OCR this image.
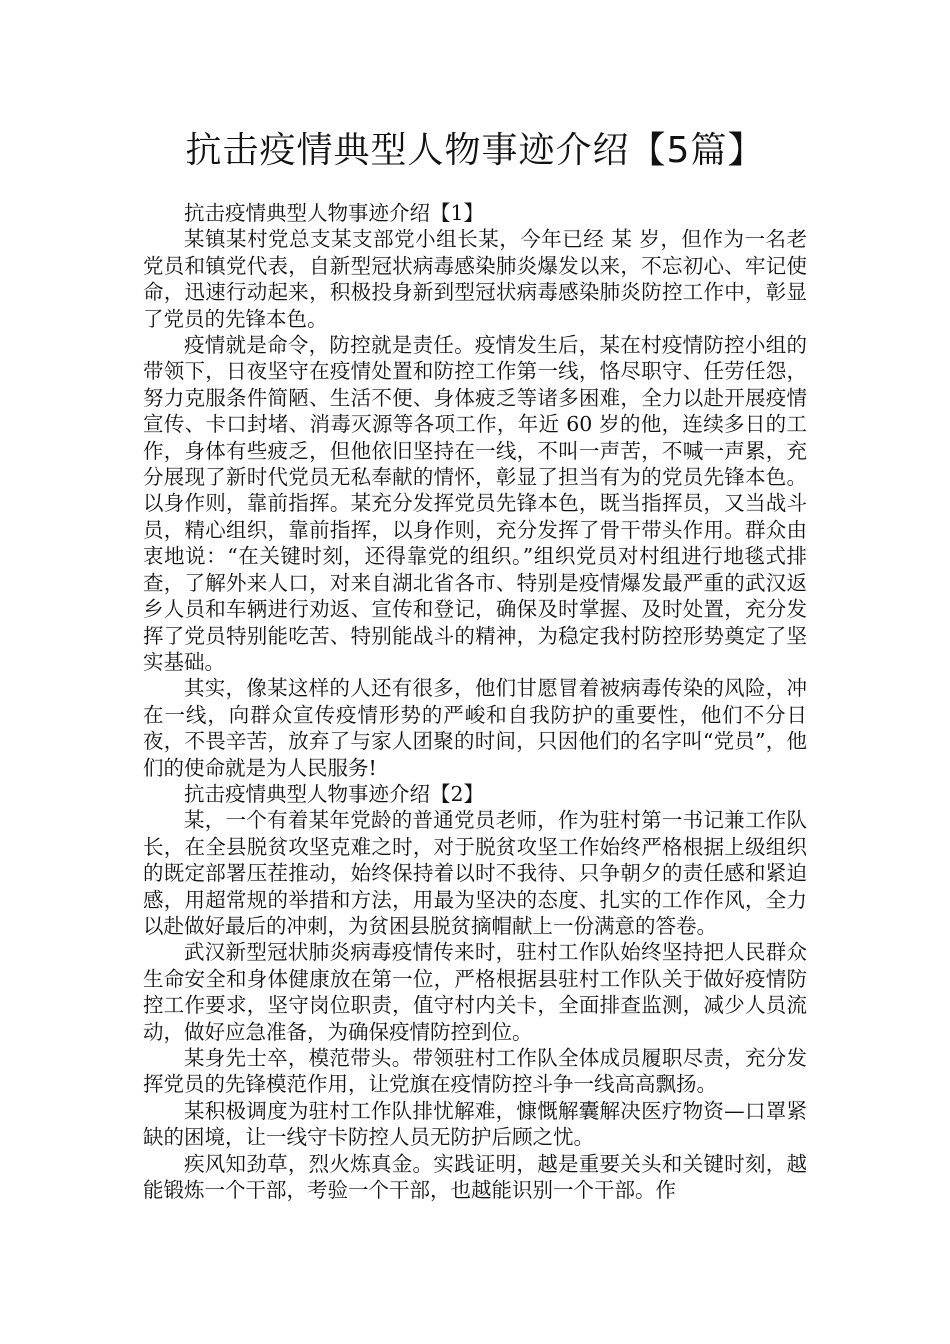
抗击疫情典型人物事迹介绍【5篇】
抗击疫情典型人物事迹介绍【1】

某镇某村党总支某支部党小组长某，今年已经 某 岁，但作为一名老党员和镇党代表，自新型冠状病毒感染肺炎爆发以来，不忘初心、牢记使命，迅速行动起来，积极投身新到型冠状病毒感染肺炎防控工作中，彰显了党员的先锋本色。

疫情就是命令，防控就是责任。疫情发生后，某在村疫情防控小组的带领下，日夜坚守在疫情处置和防控工作第一线，恪尽职守、任劳任怨，努力克服条件简陋、生活不便、身体疲乏等诸多困难，全力以赴开展疫情宣传、卡口封堵、消毒灭源等各项工作，年近 60 岁的他，连续多日的工作，身体有些疲乏，但他依旧坚持在一线，不叫一声苦，不喊一声累，充分展现了新时代党员无私奉献的情怀，彰显了担当有为的党员先锋本色。以身作则，靠前指挥。某充分发挥党员先锋本色，既当指挥员，又当战斗员，精心组织，靠前指挥，以身作则，充分发挥了骨干带头作用。群众由衷地说：“在关键时刻，还得靠党的组织。”组织党员对村组进行地毯式排查，了解外来人口，对来自湖北省各市、特别是疫情爆发最严重的武汉返乡人员和车辆进行劝返、宣传和登记，确保及时掌握、及时处置，充分发挥了党员特别能吃苦、特别能战斗的精神，为稳定我村防控形势奠定了坚实基础。

其实，像某这样的人还有很多，他们甘愿冒着被病毒传染的风险，冲在一线，向群众宣传疫情形势的严峻和自我防护的重要性，他们不分日夜，不畏辛苦，放弃了与家人团聚的时间，只因他们的名字叫“党员”，他们的使命就是为人民服务!

抗击疫情典型人物事迹介绍【2】

某，一个有着某年党龄的普通党员老师，作为驻村第一书记兼工作队长，在全县脱贫攻坚克难之时，对于脱贫攻坚工作始终严格根据上级组织的既定部署压茬推动，始终保持着以时不我待、只争朝夕的责任感和紧迫感，用超常规的举措和方法，用最为坚决的态度、扎实的工作作风，全力以赴做好最后的冲刺，为贫困县脱贫摘帽献上一份满意的答卷。

武汉新型冠状肺炎病毒疫情传来时，驻村工作队始终坚持把人民群众生命安全和身体健康放在第一位，严格根据县驻村工作队关于做好疫情防控工作要求，坚守岗位职责，值守村内关卡，全面排查监测，减少人员流动，做好应急准备，为确保疫情防控到位。

某身先士卒，模范带头。带领驻村工作队全体成员履职尽责，充分发挥党员的先锋模范作用，让党旗在疫情防控斗争一线高高飘扬。

某积极调度为驻村工作队排忧解难，慷慨解囊解决医疗物资—口罩紧缺的困境，让一线守卡防控人员无防护后顾之忧。

疾风知劲草，烈火炼真金。实践证明，越是重要关头和关键时刻，越能锻炼一个干部，考验一个干部，也越能识别一个干部。作
